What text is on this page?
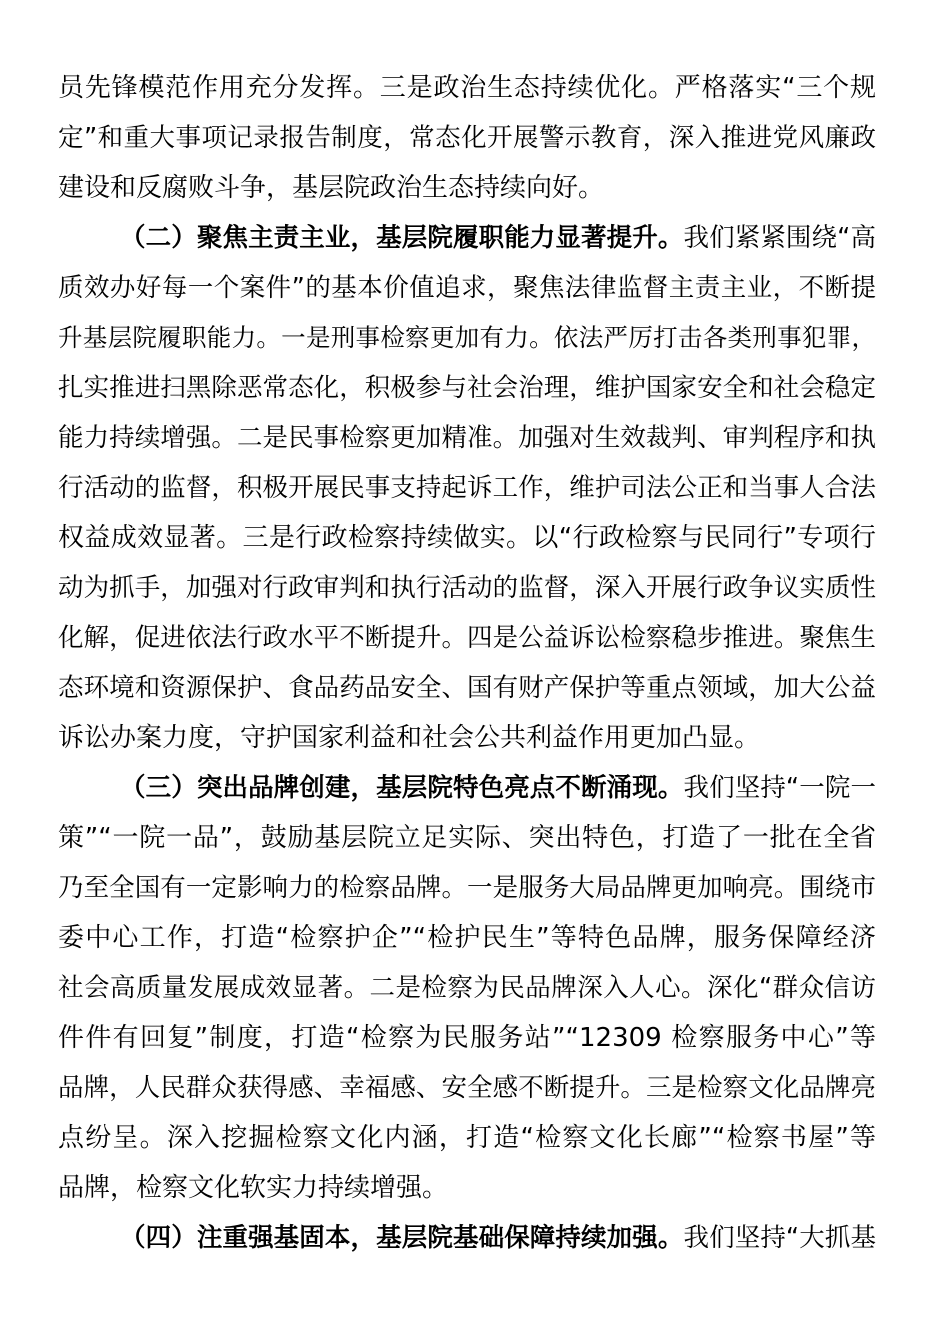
员先锋模范作用充分发挥。三是政治生态持续优化。严格落实“三个规
定”和重大事项记录报告制度，常态化开展警示教育，深入推进党风廉政
建设和反腐败斗争，基层院政治生态持续向好。
（二）聚焦主责主业，基层院履职能力显著提升。我们紧紧围绕“高
质效办好每一个案件”的基本价值追求，聚焦法律监督主责主业，不断提
升基层院履职能力。一是刑事检察更加有力。依法严厉打击各类刑事犯罪，
扎实推进扫黑除恶常态化，积极参与社会治理，维护国家安全和社会稳定
能力持续增强。二是民事检察更加精准。加强对生效裁判、审判程序和执
行活动的监督，积极开展民事支持起诉工作，维护司法公正和当事人合法
权益成效显著。三是行政检察持续做实。以“行政检察与民同行”专项行
动为抓手，加强对行政审判和执行活动的监督，深入开展行政争议实质性
化解，促进依法行政水平不断提升。四是公益诉讼检察稳步推进。聚焦生
态环境和资源保护、食品药品安全、国有财产保护等重点领域，加大公益
诉讼办案力度，守护国家利益和社会公共利益作用更加凸显。
（三）突出品牌创建，基层院特色亮点不断涌现。我们坚持“一院一
策”“一院一品”，鼓励基层院立足实际、突出特色，打造了一批在全省
乃至全国有一定影响力的检察品牌。一是服务大局品牌更加响亮。围绕市
委中心工作，打造“检察护企”“检护民生”等特色品牌，服务保障经济
社会高质量发展成效显著。二是检察为民品牌深入人心。深化“群众信访
件件有回复”制度，打造“检察为民服务站”“12309 检察服务中心”等
品牌，人民群众获得感、幸福感、安全感不断提升。三是检察文化品牌亮
点纷呈。深入挖掘检察文化内涵，打造“检察文化长廊”“检察书屋”等
品牌，检察文化软实力持续增强。
（四）注重强基固本，基层院基础保障持续加强。我们坚持“大抓基
